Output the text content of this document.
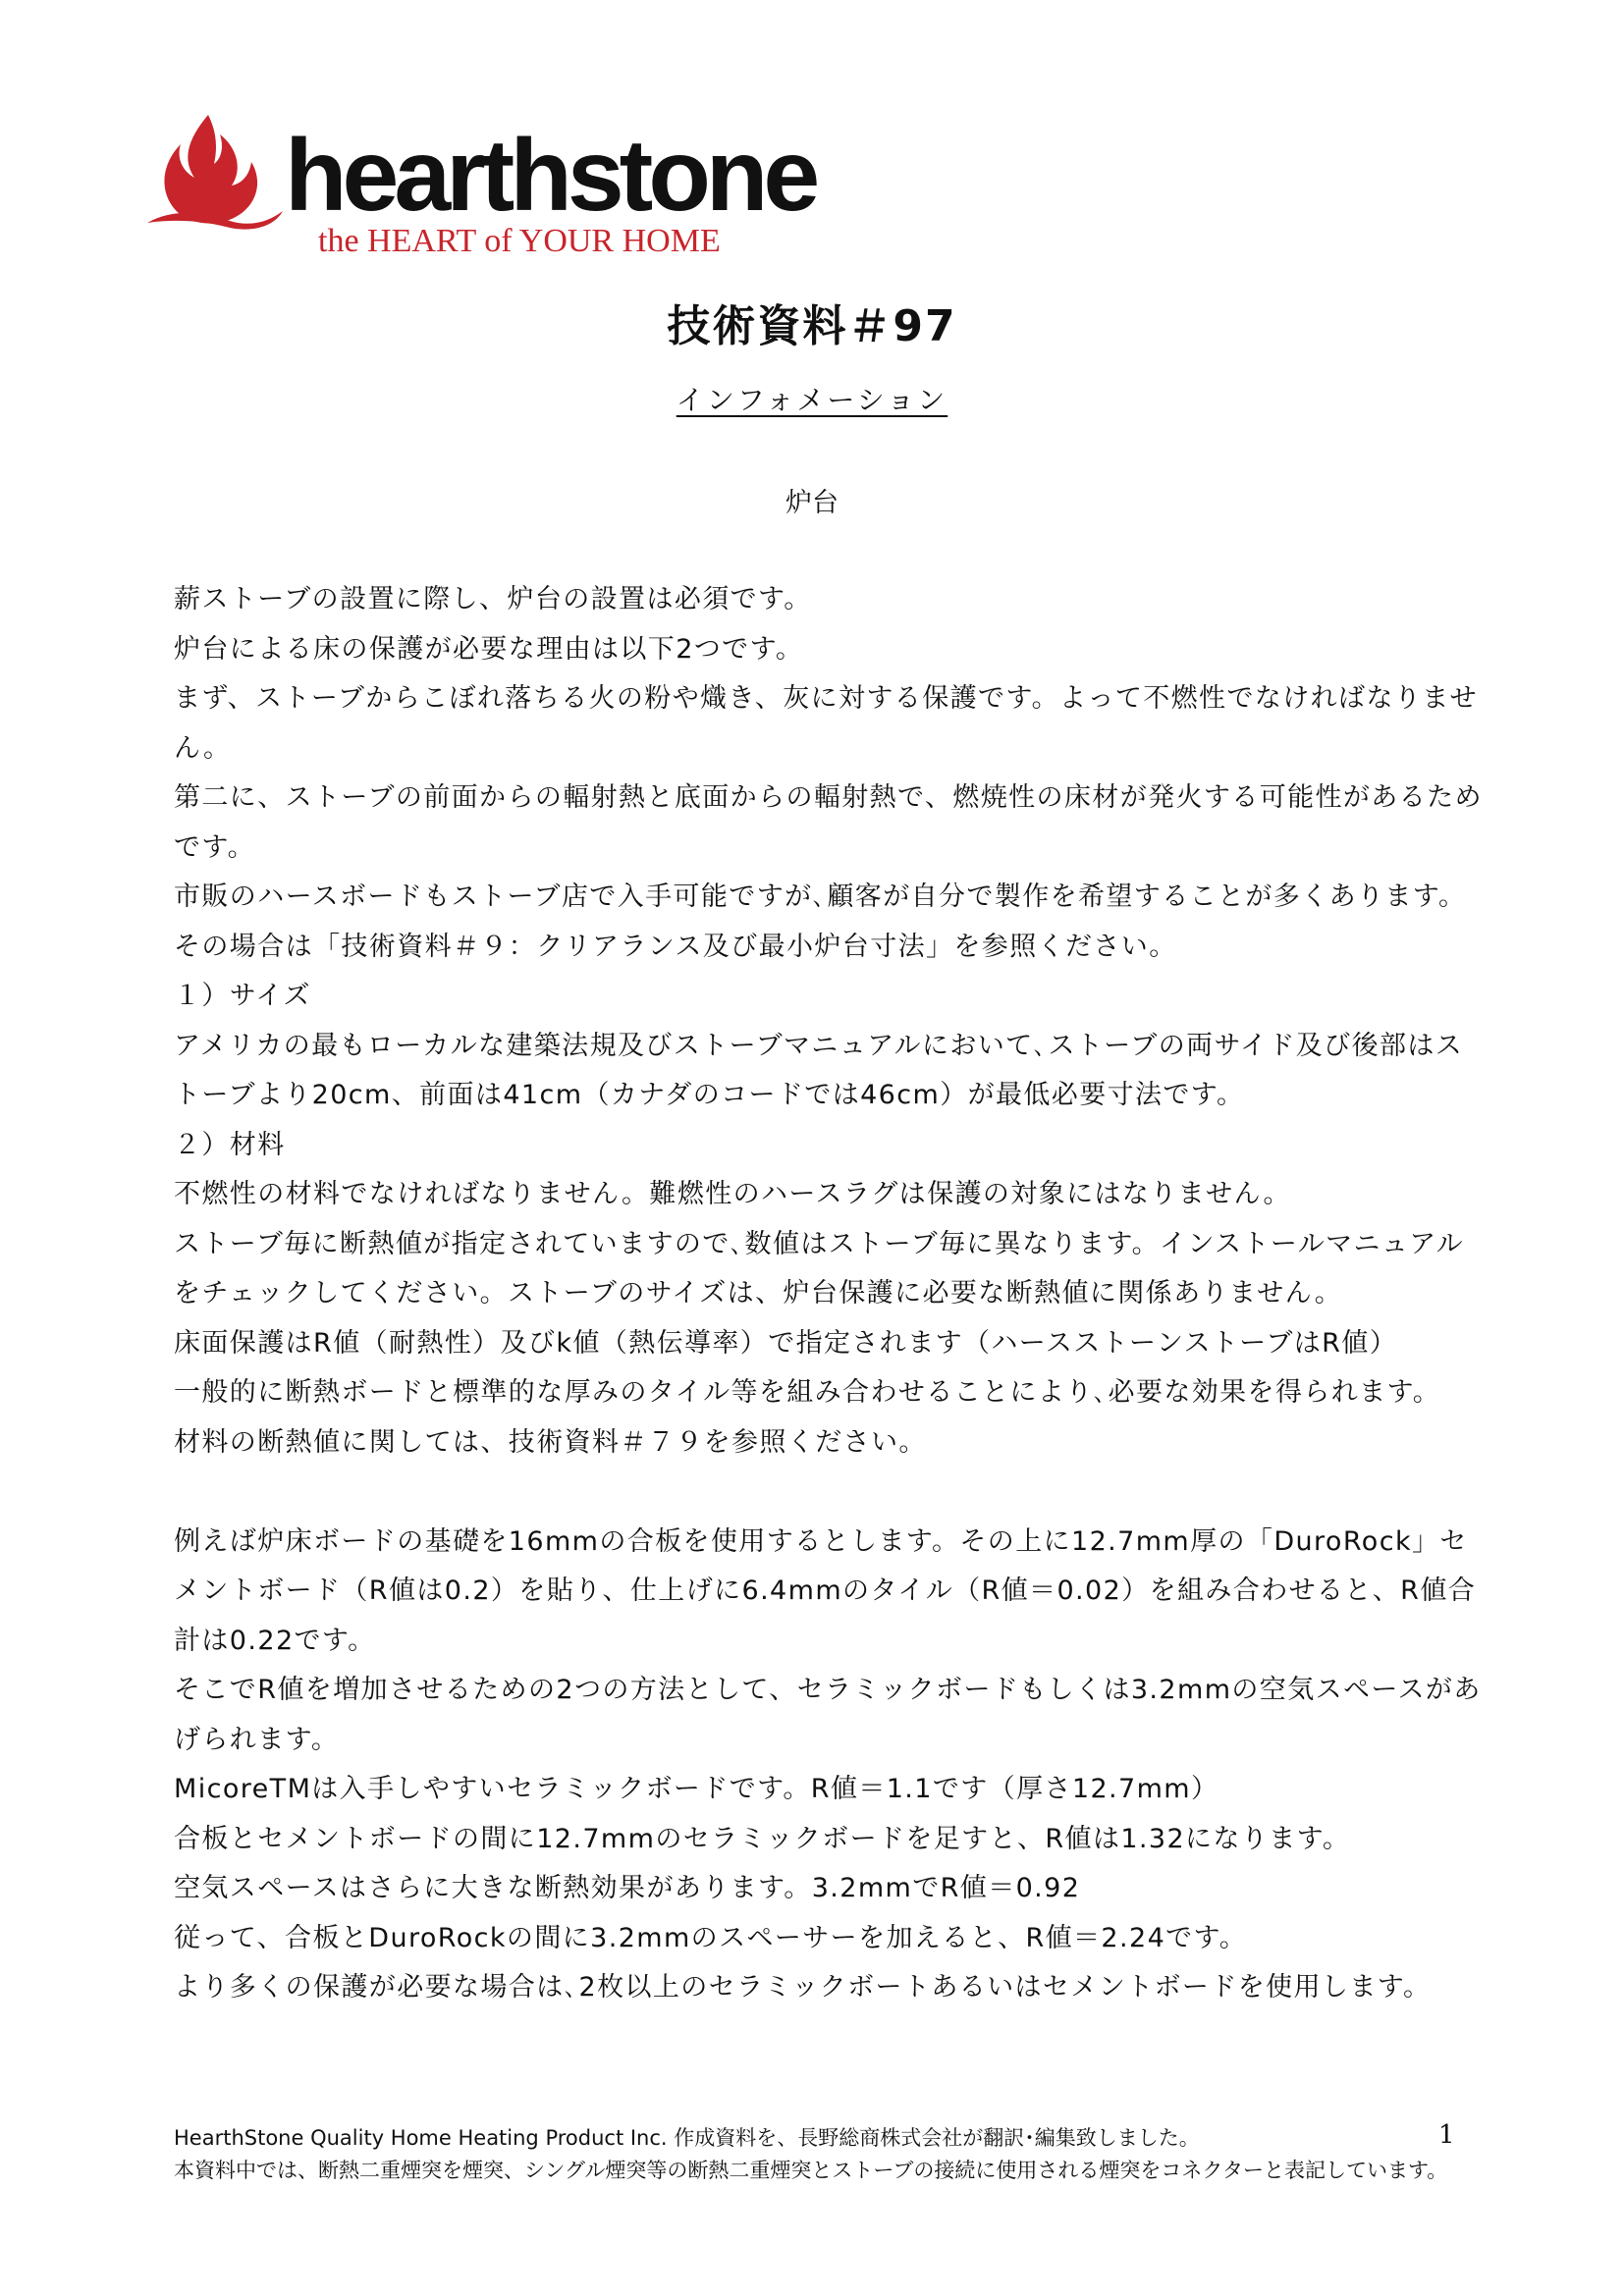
hearthstone
the HEART of YOUR HOME
技術資料＃97
インフォメーション
炉台

薪ストーブの設置に際し、炉台の設置は必須です。

炉台による床の保護が必要な理由は以下2つです。

まず、ストーブからこぼれ落ちる火の粉や熾き、灰に対する保護です。よって不燃性でなければなりません。

第二に、ストーブの前面からの輻射熱と底面からの輻射熱で、燃焼性の床材が発火する可能性があるためです。

市販のハースボードもストーブ店で入手可能ですが､顧客が自分で製作を希望することが多くあります。その場合は「技術資料＃９：クリアランス及び最小炉台寸法」を参照ください。

１）サイズ

アメリカの最もローカルな建築法規及びストーブマニュアルにおいて､ストーブの両サイド及び後部はストーブより20cm、前面は41cm（カナダのコードでは46cm）が最低必要寸法です。

２）材料

不燃性の材料でなければなりません。難燃性のハースラグは保護の対象にはなりません。

ストーブ毎に断熱値が指定されていますので､数値はストーブ毎に異なります。インストールマニュアルをチェックしてください。ストーブのサイズは、炉台保護に必要な断熱値に関係ありません。

床面保護はR値（耐熱性）及びk値（熱伝導率）で指定されます（ハースストーンストーブはR値）

一般的に断熱ボードと標準的な厚みのタイル等を組み合わせることにより､必要な効果を得られます。

材料の断熱値に関しては、技術資料＃７９を参照ください。

例えば炉床ボードの基礎を16mmの合板を使用するとします。その上に12.7mm厚の「DuroRock」セメントボード（R値は0.2）を貼り、仕上げに6.4mmのタイル（R値＝0.02）を組み合わせると、R値合計は0.22です。

そこでR値を増加させるための2つの方法として、セラミックボードもしくは3.2mmの空気スペースがあげられます。

MicoreTMは入手しやすいセラミックボードです。R値＝1.1です（厚さ12.7mm）

合板とセメントボードの間に12.7mmのセラミックボードを足すと、R値は1.32になります。

空気スペースはさらに大きな断熱効果があります。3.2mmでR値＝0.92

従って、合板とDuroRockの間に3.2mmのスペーサーを加えると、R値＝2.24です。

より多くの保護が必要な場合は､2枚以上のセラミックボートあるいはセメントボードを使用します。

HearthStone Quality Home Heating Product Inc. 作成資料を、長野総商株式会社が翻訳･編集致しました。

本資料中では、断熱二重煙突を煙突、シングル煙突等の断熱二重煙突とストーブの接続に使用される煙突をコネクターと表記しています。

1
